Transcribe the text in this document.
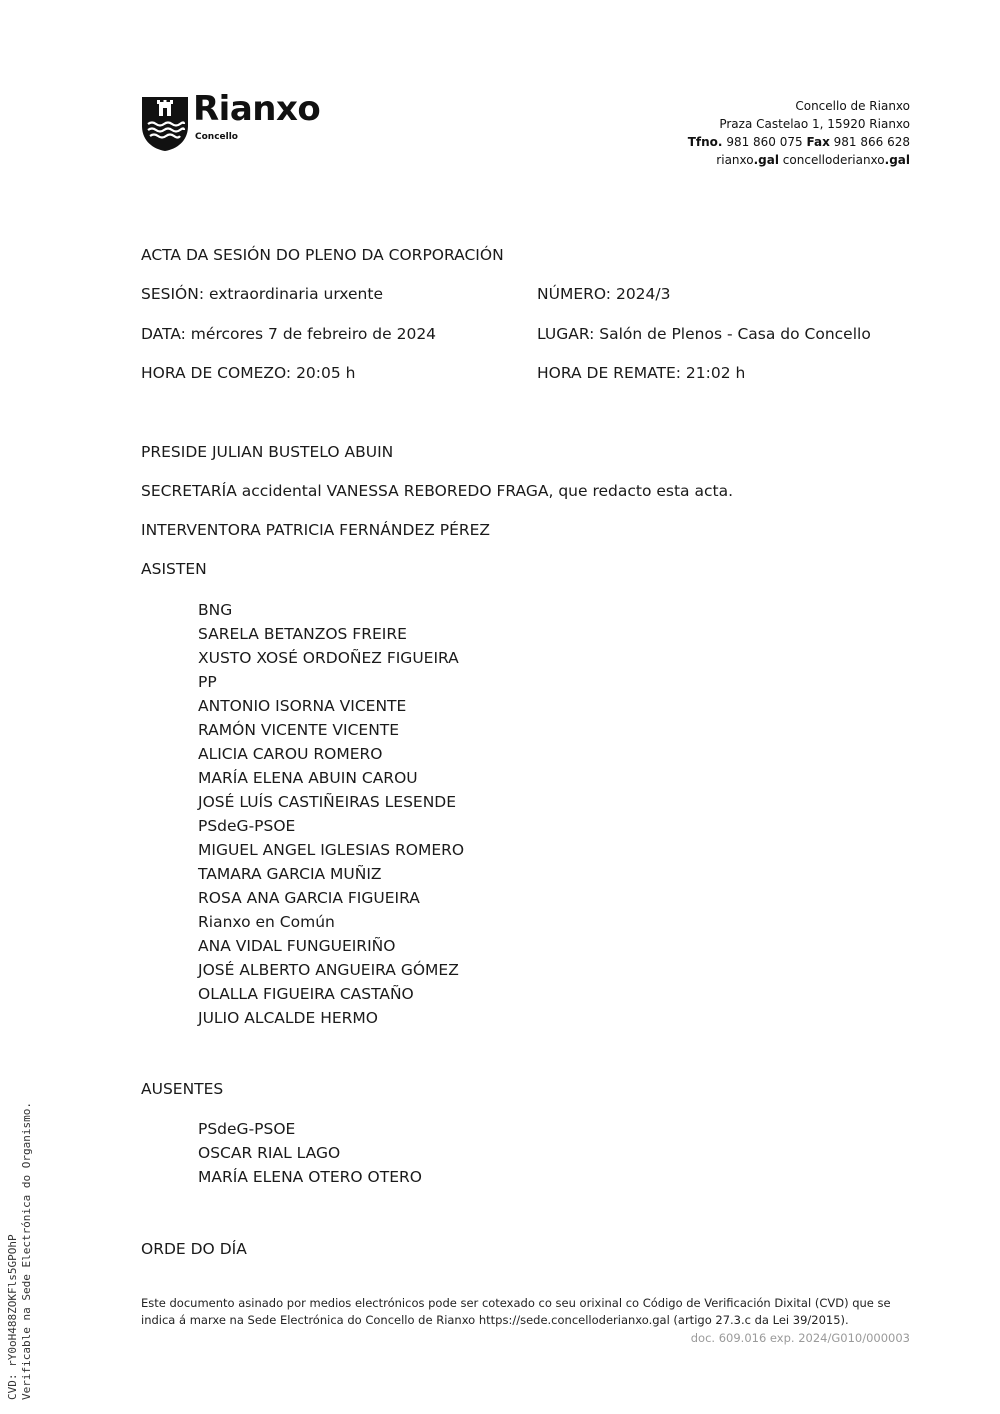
Rianxo
Concello
Concello de Rianxo
Praza Castelao 1, 15920 Rianxo
Tfno. 981 860 075 Fax 981 866 628
rianxo.gal concelloderianxo.gal
ACTA DA SESIÓN DO PLENO DA CORPORACIÓN
SESIÓN: extraordinaria urxente	NÚMERO: 2024/3
DATA: mércores 7 de febreiro de 2024	LUGAR: Salón de Plenos - Casa do Concello
HORA DE COMEZO: 20:05 h	HORA DE REMATE: 21:02 h
PRESIDE JULIAN BUSTELO ABUIN
SECRETARÍA accidental VANESSA REBOREDO FRAGA, que redacto esta acta.
INTERVENTORA PATRICIA FERNÁNDEZ PÉREZ
ASISTEN
BNG
SARELA BETANZOS FREIRE
XUSTO XOSÉ ORDOÑEZ FIGUEIRA
PP
ANTONIO ISORNA VICENTE
RAMÓN VICENTE VICENTE
ALICIA CAROU ROMERO
MARÍA ELENA ABUIN CAROU
JOSÉ LUÍS CASTIÑEIRAS LESENDE
PSdeG-PSOE
MIGUEL ANGEL IGLESIAS ROMERO
TAMARA GARCIA MUÑIZ
ROSA ANA GARCIA FIGUEIRA
Rianxo en Común
ANA VIDAL FUNGUEIRIÑO
JOSÉ ALBERTO ANGUEIRA GÓMEZ
OLALLA FIGUEIRA CASTAÑO
JULIO ALCALDE HERMO
AUSENTES
PSdeG-PSOE
OSCAR RIAL LAGO
MARÍA ELENA OTERO OTERO
ORDE DO DÍA
Este documento asinado por medios electrónicos pode ser cotexado co seu orixinal co Código de Verificación Dixital (CVD) que se indica á marxe na Sede Electrónica do Concello de Rianxo https://sede.concelloderianxo.gal (artigo 27.3.c da Lei 39/2015).
doc. 609.016 exp. 2024/G010/000003
CVD: rY0oH488ZOKFls5GPOhP Verificable na Sede Electrónica do Organismo.
